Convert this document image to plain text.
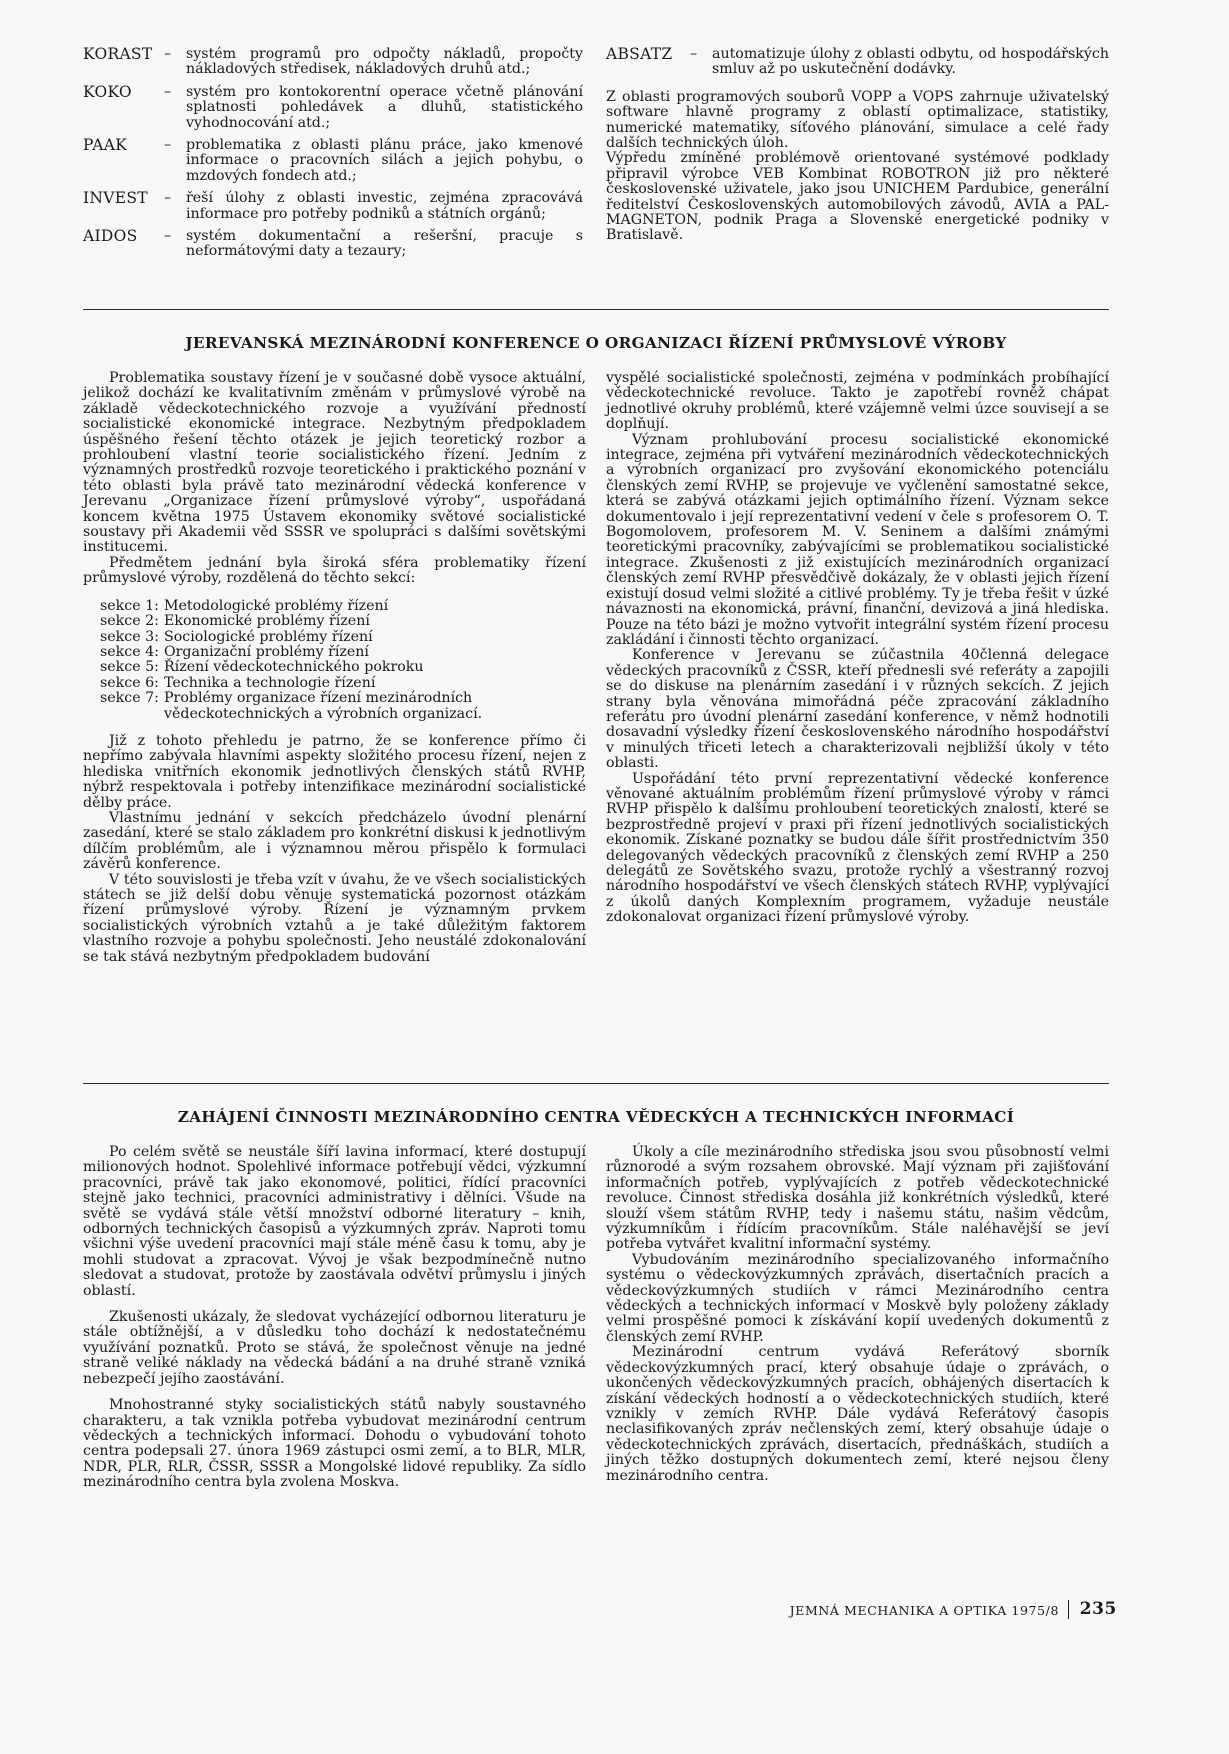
KORAST –	systém programů pro odpočty nákladů, propočty nákladových středisek, nákladových druhů atd.;
KOKO	–	systém pro kontokorentní operace včetně plánování splatnosti pohledávek a dluhů, statistického vyhodnocování atd.;
PAAK	–	problematika z oblasti plánu práce, jako kmenové informace o pracovních silách a jejich pohybu, o mzdových fondech atd.;
INVEST	–	řeší úlohy z oblasti investic, zejména zpracovává informace pro potřeby podniků a státních orgánů;
AIDOS	–	systém dokumentační a rešeršní, pracuje s neformátovými daty a tezaury;
ABSATZ	–	automatizuje úlohy z oblasti odbytu, od hospodářských smluv až po uskutečnění dodávky.

Z oblasti programových souborů VOPP a VOPS zahrnuje uživatelský software hlavně programy z oblastí optimalizace, statistiky, numerické matematiky, síťového plánování, simulace a celé řady dalších technických úloh.

Výpředu zmíněné problémově orientované systémové podklady připravil výrobce VEB Kombinat ROBOTRON již pro některé československé uživatele, jako jsou UNICHEM Pardubice, generální ředitelství Československých automobilových závodů, AVIA a PAL-MAGNETON, podnik Praga a Slovenské energetické podniky v Bratislavě.

JEREVANSKÁ MEZINÁRODNÍ KONFERENCE O ORGANIZACI ŘÍZENÍ PRŮMYSLOVÉ VÝROBY

Problematika soustavy řízení je v současné době vysoce aktuální, jelikož dochází ke kvalitativním změnám v průmyslové výrobě na základě vědeckotechnického rozvoje a využívání předností socialistické ekonomické integrace. Nezbytným předpokladem úspěšného řešení těchto otázek je jejich teoretický rozbor a prohloubení vlastní teorie socialistického řízení. Jedním z významných prostředků rozvoje teoretického i praktického poznání v této oblasti byla právě tato mezinárodní vědecká konference v Jerevanu „Organizace řízení průmyslové výroby“, uspořádaná koncem května 1975 Ústavem ekonomiky světové socialistické soustavy při Akademii věd SSSR ve spolupráci s dalšími sovětskými institucemi.

Předmětem jednání byla široká sféra problematiky řízení průmyslové výroby, rozdělená do těchto sekcí:

sekce 1: Metodologické problémy řízení
sekce 2: Ekonomické problémy řízení
sekce 3: Sociologické problémy řízení
sekce 4: Organizační problémy řízení
sekce 5: Řízení vědeckotechnického pokroku
sekce 6: Technika a technologie řízení
sekce 7: Problémy organizace řízení mezinárodních vědeckotechnických a výrobních organizací.

Již z tohoto přehledu je patrno, že se konference přímo či nepřímo zabývala hlavními aspekty složitého procesu řízení, nejen z hlediska vnitřních ekonomik jednotlivých členských států RVHP, nýbrž respektovala i potřeby intenzifikace mezinárodní socialistické dělby práce.

Vlastnímu jednání v sekcích předcházelo úvodní plenární zasedání, které se stalo základem pro konkrétní diskusi k jednotlivým dílčím problémům, ale i významnou měrou přispělo k formulaci závěrů konference.

V této souvislosti je třeba vzít v úvahu, že ve všech socialistických státech se již delší dobu věnuje systematická pozornost otázkám řízení průmyslové výroby. Řízení je významným prvkem socialistických výrobních vztahů a je také důležitým faktorem vlastního rozvoje a pohybu společnosti. Jeho neustálé zdokonalování se tak stává nezbytným předpokladem budování

vyspělé socialistické společnosti, zejména v podmínkách probíhající vědeckotechnické revoluce. Takto je zapotřebí rovněž chápat jednotlivé okruhy problémů, které vzájemně velmi úzce souvisejí a se doplňují.

Význam prohlubování procesu socialistické ekonomické integrace, zejména při vytváření mezinárodních vědeckotechnických a výrobních organizací pro zvyšování ekonomického potenciálu členských zemí RVHP, se projevuje ve vyčlenění samostatné sekce, která se zabývá otázkami jejich optimálního řízení. Význam sekce dokumentovalo i její reprezentativní vedení v čele s profesorem O. T. Bogomolovem, profesorem M. V. Seninem a dalšími známými teoretickými pracovníky, zabývajícími se problematikou socialistické integrace. Zkušenosti z již existujících mezinárodních organizací členských zemí RVHP přesvědčivě dokázaly, že v oblasti jejich řízení existují dosud velmi složité a citlivé problémy. Ty je třeba řešit v úzké návaznosti na ekonomická, právní, finanční, devizová a jiná hlediska. Pouze na této bázi je možno vytvořit integrální systém řízení procesu zakládání i činnosti těchto organizací.

Konference v Jerevanu se zúčastnila 40členná delegace vědeckých pracovníků z ČSSR, kteří přednesli své referáty a zapojili se do diskuse na plenárním zasedání i v různých sekcích. Z jejich strany byla věnována mimořádná péče zpracování základního referátu pro úvodní plenární zasedání konference, v němž hodnotili dosavadní výsledky řízení československého národního hospodářství v minulých třiceti letech a charakterizovali nejbližší úkoly v této oblasti.

Uspořádání této první reprezentativní vědecké konference věnované aktuálním problémům řízení průmyslové výroby v rámci RVHP přispělo k dalšímu prohloubení teoretických znalostí, které se bezprostředně projeví v praxi při řízení jednotlivých socialistických ekonomik. Získané poznatky se budou dále šířit prostřednictvím 350 delegovaných vědeckých pracovníků z členských zemí RVHP a 250 delegátů ze Sovětského svazu, protože rychlý a všestranný rozvoj národního hospodářství ve všech členských státech RVHP, vyplývající z úkolů daných Komplexním programem, vyžaduje neustále zdokonalovat organizaci řízení průmyslové výroby.

ZAHÁJENÍ ČINNOSTI MEZINÁRODNÍHO CENTRA VĚDECKÝCH A TECHNICKÝCH INFORMACÍ

Po celém světě se neustále šíří lavina informací, které dostupují milionových hodnot. Spolehlivé informace potřebují vědci, výzkumní pracovníci, právě tak jako ekonomové, politici, řídící pracovníci stejně jako technici, pracovníci administrativy i dělníci. Všude na světě se vydává stále větší množství odborné literatury – knih, odborných technických časopisů a výzkumných zpráv. Naproti tomu všichni výše uvedení pracovníci mají stále méně času k tomu, aby je mohli studovat a zpracovat. Vývoj je však bezpodmínečně nutno sledovat a studovat, protože by zaostávala odvětví průmyslu i jiných oblastí.

Zkušenosti ukázaly, že sledovat vycházející odbornou literaturu je stále obtížnější, a v důsledku toho dochází k nedostatečnému využívání poznatků. Proto se stává, že společnost věnuje na jedné straně veliké náklady na vědecká bádání a na druhé straně vzniká nebezpečí jejího zaostávání.

Mnohostranné styky socialistických států nabyly soustavného charakteru, a tak vznikla potřeba vybudovat mezinárodní centrum vědeckých a technických informací. Dohodu o vybudování tohoto centra podepsali 27. února 1969 zástupci osmi zemí, a to BLR, MLR, NDR, PLR, RLR, ČSSR, SSSR a Mongolské lidové republiky. Za sídlo mezinárodního centra byla zvolena Moskva.

Úkoly a cíle mezinárodního střediska jsou svou působností velmi různorodé a svým rozsahem obrovské. Mají význam při zajišťování informačních potřeb, vyplývajících z potřeb vědeckotechnické revoluce. Činnost střediska dosáhla již konkrétních výsledků, které slouží všem státům RVHP, tedy i našemu státu, našim vědcům, výzkumníkům i řídícím pracovníkům. Stále naléhavější se jeví potřeba vytvářet kvalitní informační systémy.

Vybudováním mezinárodního specializovaného informačního systému o vědeckovýzkumných zprávách, disertačních pracích a vědeckovýzkumných studiích v rámci Mezinárodního centra vědeckých a technických informací v Moskvě byly položeny základy velmi prospěšné pomoci k získávání kopií uvedených dokumentů z členských zemí RVHP.

Mezinárodní centrum vydává Referátový sborník vědeckovýzkumných prací, který obsahuje údaje o zprávách, o ukončených vědeckovýzkumných pracích, obhájených disertacích k získání vědeckých hodností a o vědeckotechnických studiích, které vznikly v zemích RVHP. Dále vydává Referátový časopis neclasifikovaných zpráv nečlenských zemí, který obsahuje údaje o vědeckotechnických zprávách, disertacích, přednáškách, studiích a jiných těžko dostupných dokumentech zemí, které nejsou členy mezinárodního centra.

JEMNÁ MECHANIKA A OPTIKA 1975/8 235
